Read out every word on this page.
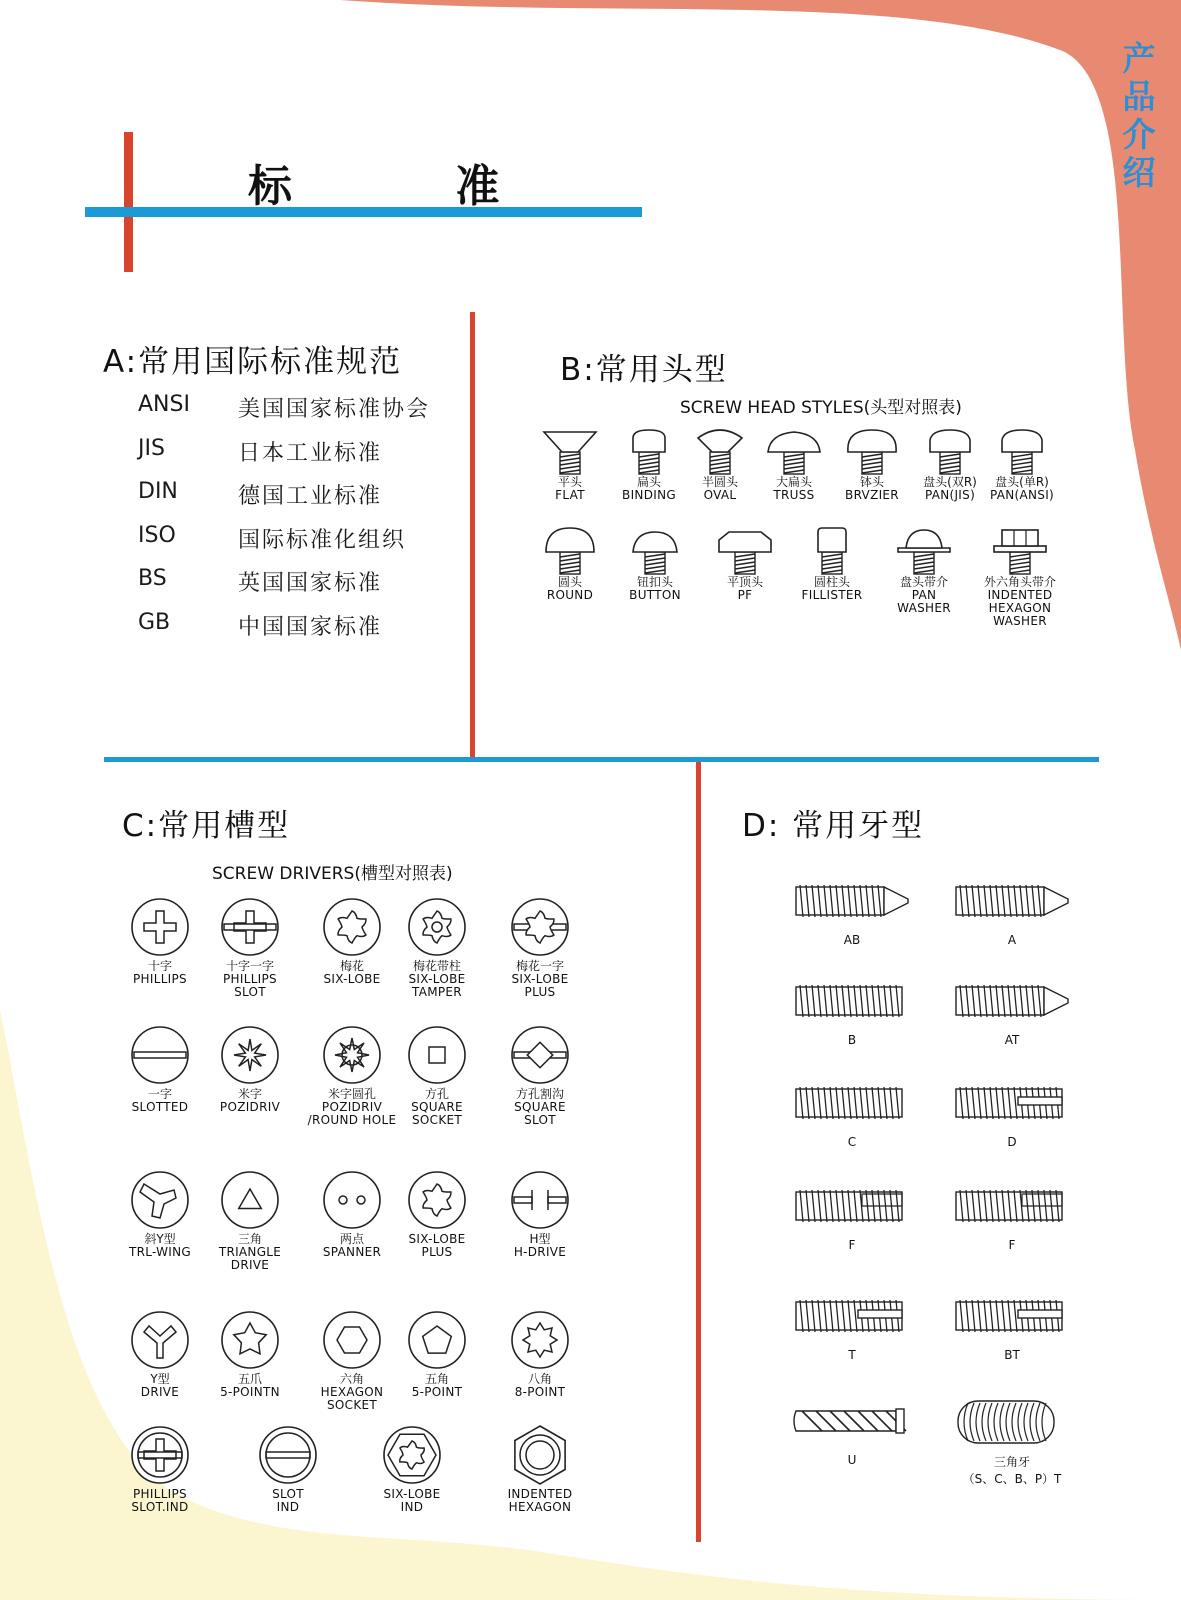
产品介绍
标 准
A:常用国际标准规范
ANSI 美国国家标准协会
JIS	日本工业标准
DIN	德国工业标准
ISO	国际标准化组织
BS	英国国家标准
GB	中国国家标准
B:常用头型
SCREW HEAD STYLES(头型对照表)
平头
FLAT
扁头
BINDING
半圆头
OVAL
大扁头
TRUSS
钵头
BRVZIER
盘头(双R)
PAN(JIS)
盘头(单R)
PAN(ANSI)
圆头
ROUND
钮扣头
BUTTON
平顶头
PF
圆柱头
FILLISTER
盘头带介
PAN
WASHER
外六角头带介
INDENTED
HEXAGON
WASHER
C:常用槽型
SCREW DRIVERS(槽型对照表)
十字
PHILLIPS
十字一字
PHILLIPS
SLOT
梅花
SIX-LOBE
梅花带柱
SIX-LOBE
TAMPER
梅花一字
SIX-LOBE
PLUS
一字
SLOTTED
米字
POZIDRIV
米字圆孔
POZIDRIV
/ROUND HOLE
方孔
SQUARE
SOCKET
方孔割沟
SQUARE
SLOT
斜Y型
TRL-WING
三角
TRIANGLE
DRIVE
两点
SPANNER
SIX-LOBE
PLUS
H型
H-DRIVE
Y型
DRIVE
五爪
5-POINTN
六角
HEXAGON
SOCKET
五角
5-POINT
八角
8-POINT
PHILLIPS
SLOT.IND
SLOT
IND
SIX-LOBE
IND
INDENTED
HEXAGON
D: 常用牙型
AB	A
B	AT
C	D
F	F
T	BT
U	三角牙
（S、C、B、P）T
